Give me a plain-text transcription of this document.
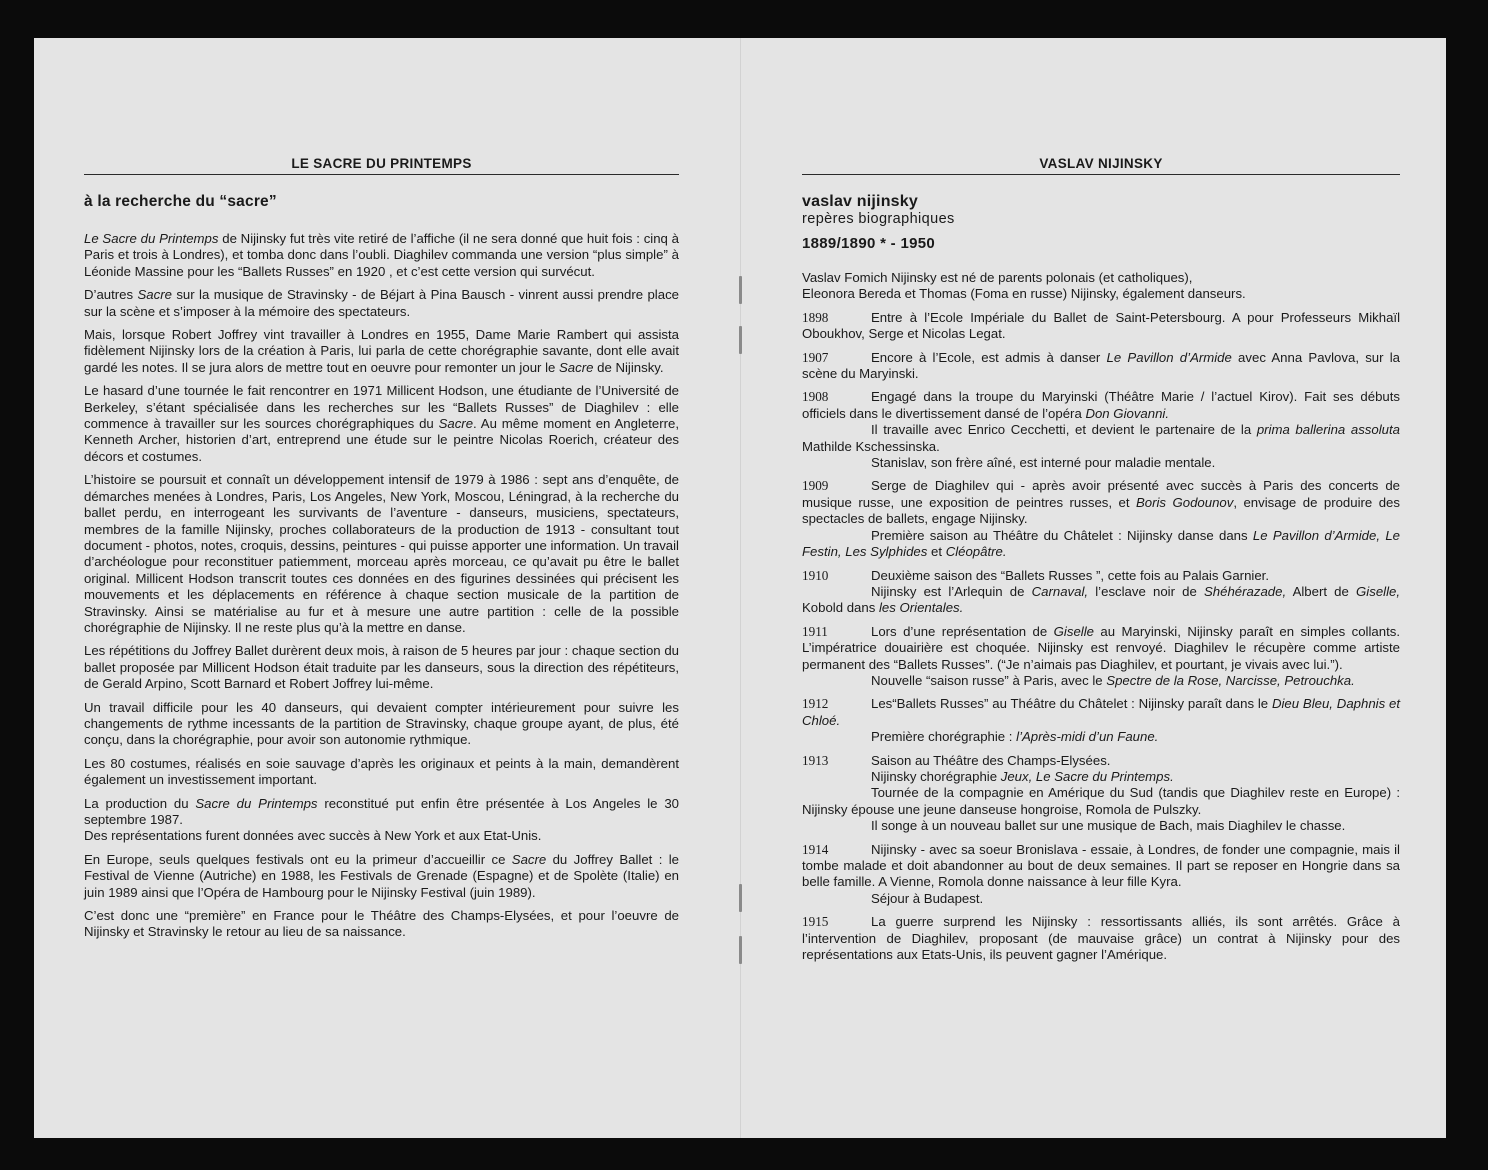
LE SACRE DU PRINTEMPS
à la recherche du “sacre”

Le Sacre du Printemps de Nijinsky fut très vite retiré de l’affiche (il ne sera donné que huit fois : cinq à Paris et trois à Londres), et tomba donc dans l’oubli. Diaghilev commanda une version “plus simple” à Léonide Massine pour les “Ballets Russes” en 1920 , et c’est cette version qui survécut.

D’autres Sacre sur la musique de Stravinsky - de Béjart à Pina Bausch - vinrent aussi prendre place sur la scène et s’imposer à la mémoire des spectateurs.

Mais, lorsque Robert Joffrey vint travailler à Londres en 1955, Dame Marie Rambert qui assista fidèlement Nijinsky lors de la création à Paris, lui parla de cette chorégraphie savante, dont elle avait gardé les notes. Il se jura alors de mettre tout en oeuvre pour remonter un jour le Sacre de Nijinsky.

Le hasard d’une tournée le fait rencontrer en 1971 Millicent Hodson, une étudiante de l’Université de Berkeley, s’étant spécialisée dans les recherches sur les “Ballets Russes” de Diaghilev : elle commence à travailler sur les sources chorégraphiques du Sacre. Au même moment en Angleterre, Kenneth Archer, historien d’art, entreprend une étude sur le peintre Nicolas Roerich, créateur des décors et costumes.

L’histoire se poursuit et connaît un développement intensif de 1979 à 1986 : sept ans d’enquête, de démarches menées à Londres, Paris, Los Angeles, New York, Moscou, Léningrad, à la recherche du ballet perdu, en interrogeant les survivants de l’aventure - danseurs, musiciens, spectateurs, membres de la famille Nijinsky, proches collaborateurs de la production de 1913 - consultant tout document - photos, notes, croquis, dessins, peintures - qui puisse apporter une information. Un travail d’archéologue pour reconstituer patiemment, morceau après morceau, ce qu’avait pu être le ballet original. Millicent Hodson transcrit toutes ces données en des figurines dessinées qui précisent les mouvements et les déplacements en référence à chaque section musicale de la partition de Stravinsky. Ainsi se matérialise au fur et à mesure une autre partition : celle de la possible chorégraphie de Nijinsky. Il ne reste plus qu’à la mettre en danse.

Les répétitions du Joffrey Ballet durèrent deux mois, à raison de 5 heures par jour : chaque section du ballet proposée par Millicent Hodson était traduite par les danseurs, sous la direction des répétiteurs, de Gerald Arpino, Scott Barnard et Robert Joffrey lui-même.

Un travail difficile pour les 40 danseurs, qui devaient compter intérieurement pour suivre les changements de rythme incessants de la partition de Stravinsky, chaque groupe ayant, de plus, été conçu, dans la chorégraphie, pour avoir son autonomie rythmique.

Les 80 costumes, réalisés en soie sauvage d’après les originaux et peints à la main, demandèrent également un investissement important.

La production du Sacre du Printemps reconstitué put enfin être présentée à Los Angeles le 30 septembre 1987.
Des représentations furent données avec succès à New York et aux Etat-Unis.

En Europe, seuls quelques festivals ont eu la primeur d’accueillir ce Sacre du Joffrey Ballet : le Festival de Vienne (Autriche) en 1988, les Festivals de Grenade (Espagne) et de Spolète (Italie) en juin 1989 ainsi que l’Opéra de Hambourg pour le Nijinsky Festival (juin 1989).

C’est donc une “première” en France pour le Théâtre des Champs-Elysées, et pour l’oeuvre de Nijinsky et Stravinsky le retour au lieu de sa naissance.

VASLAV NIJINSKY
vaslav nijinsky
repères biographiques
1889/1890 * - 1950

Vaslav Fomich Nijinsky est né de parents polonais (et catholiques),

Eleonora Bereda et Thomas (Foma en russe) Nijinsky, également danseurs.

1898	Entre à l’Ecole Impériale du Ballet de Saint-Petersbourg. A pour Professeurs Mikhaïl Oboukhov, Serge et Nicolas Legat.

1907	Encore à l’Ecole, est admis à danser Le Pavillon d’Armide avec Anna Pavlova, sur la scène du Maryinski.

1908	Engagé dans la troupe du Maryinski (Théâtre Marie / l’actuel Kirov). Fait ses débuts officiels dans le divertissement dansé de l’opéra Don Giovanni.

Il travaille avec Enrico Cecchetti, et devient le partenaire de la prima ballerina assoluta Mathilde Kschessinska.

Stanislav, son frère aîné, est interné pour maladie mentale.

1909	Serge de Diaghilev qui - après avoir présenté avec succès à Paris des concerts de musique russe, une exposition de peintres russes, et Boris Godounov, envisage de produire des spectacles de ballets, engage Nijinsky.

Première saison au Théâtre du Châtelet : Nijinsky danse dans Le Pavillon d’Armide, Le Festin, Les Sylphides et Cléopâtre.

1910	Deuxième saison des “Ballets Russes ”, cette fois au Palais Garnier.

Nijinsky est l’Arlequin de Carnaval, l’esclave noir de Shéhérazade, Albert de Giselle, Kobold dans les Orientales.

1911	Lors d’une représentation de Giselle au Maryinski, Nijinsky paraît en simples collants. L’impératrice douairière est choquée. Nijinsky est renvoyé. Diaghilev le récupère comme artiste permanent des “Ballets Russes”. (“Je n’aimais pas Diaghilev, et pourtant, je vivais avec lui.”).

Nouvelle “saison russe” à Paris, avec le Spectre de la Rose, Narcisse, Petrouchka.

1912	Les“Ballets Russes” au Théâtre du Châtelet : Nijinsky paraît dans le Dieu Bleu, Daphnis et Chloé.

Première chorégraphie : l’Après-midi d’un Faune.

1913	Saison au Théâtre des Champs-Elysées.

Nijinsky chorégraphie Jeux, Le Sacre du Printemps.

Tournée de la compagnie en Amérique du Sud (tandis que Diaghilev reste en Europe) : Nijinsky épouse une jeune danseuse hongroise, Romola de Pulszky.

Il songe à un nouveau ballet sur une musique de Bach, mais Diaghilev le chasse.

1914	Nijinsky - avec sa soeur Bronislava - essaie, à Londres, de fonder une compagnie, mais il tombe malade et doit abandonner au bout de deux semaines. Il part se reposer en Hongrie dans sa belle famille. A Vienne, Romola donne naissance à leur fille Kyra.

Séjour à Budapest.

1915	La guerre surprend les Nijinsky : ressortissants alliés, ils sont arrêtés. Grâce à l’intervention de Diaghilev, proposant (de mauvaise grâce) un contrat à Nijinsky pour des représentations aux Etats-Unis, ils peuvent gagner l’Amérique.
